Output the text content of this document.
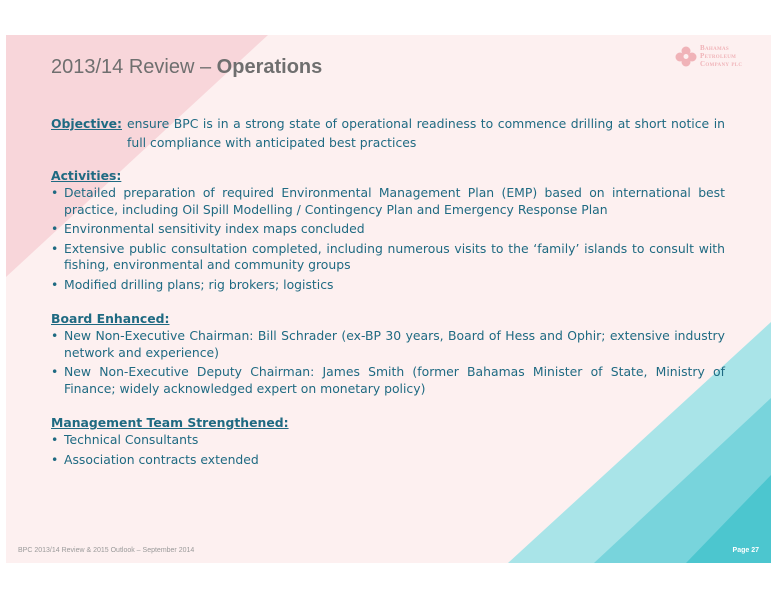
2013/14 Review – Operations
Bahamas
Petroleum
Company plc
Objective: ensure BPC is in a strong state of operational readiness to commence drilling at short notice in full compliance with anticipated best practices
Activities:
• Detailed preparation of required Environmental Management Plan (EMP) based on international best practice, including Oil Spill Modelling / Contingency Plan and Emergency Response Plan
• Environmental sensitivity index maps concluded
• Extensive public consultation completed, including numerous visits to the ‘family’ islands to consult with fishing, environmental and community groups
• Modified drilling plans; rig brokers; logistics
Board Enhanced:
• New Non-Executive Chairman: Bill Schrader (ex-BP 30 years, Board of Hess and Ophir; extensive industry network and experience)
• New Non-Executive Deputy Chairman: James Smith (former Bahamas Minister of State, Ministry of Finance; widely acknowledged expert on monetary policy)
Management Team Strengthened:
• Technical Consultants
• Association contracts extended
BPC 2013/14 Review & 2015 Outlook – September 2014	Page 27
